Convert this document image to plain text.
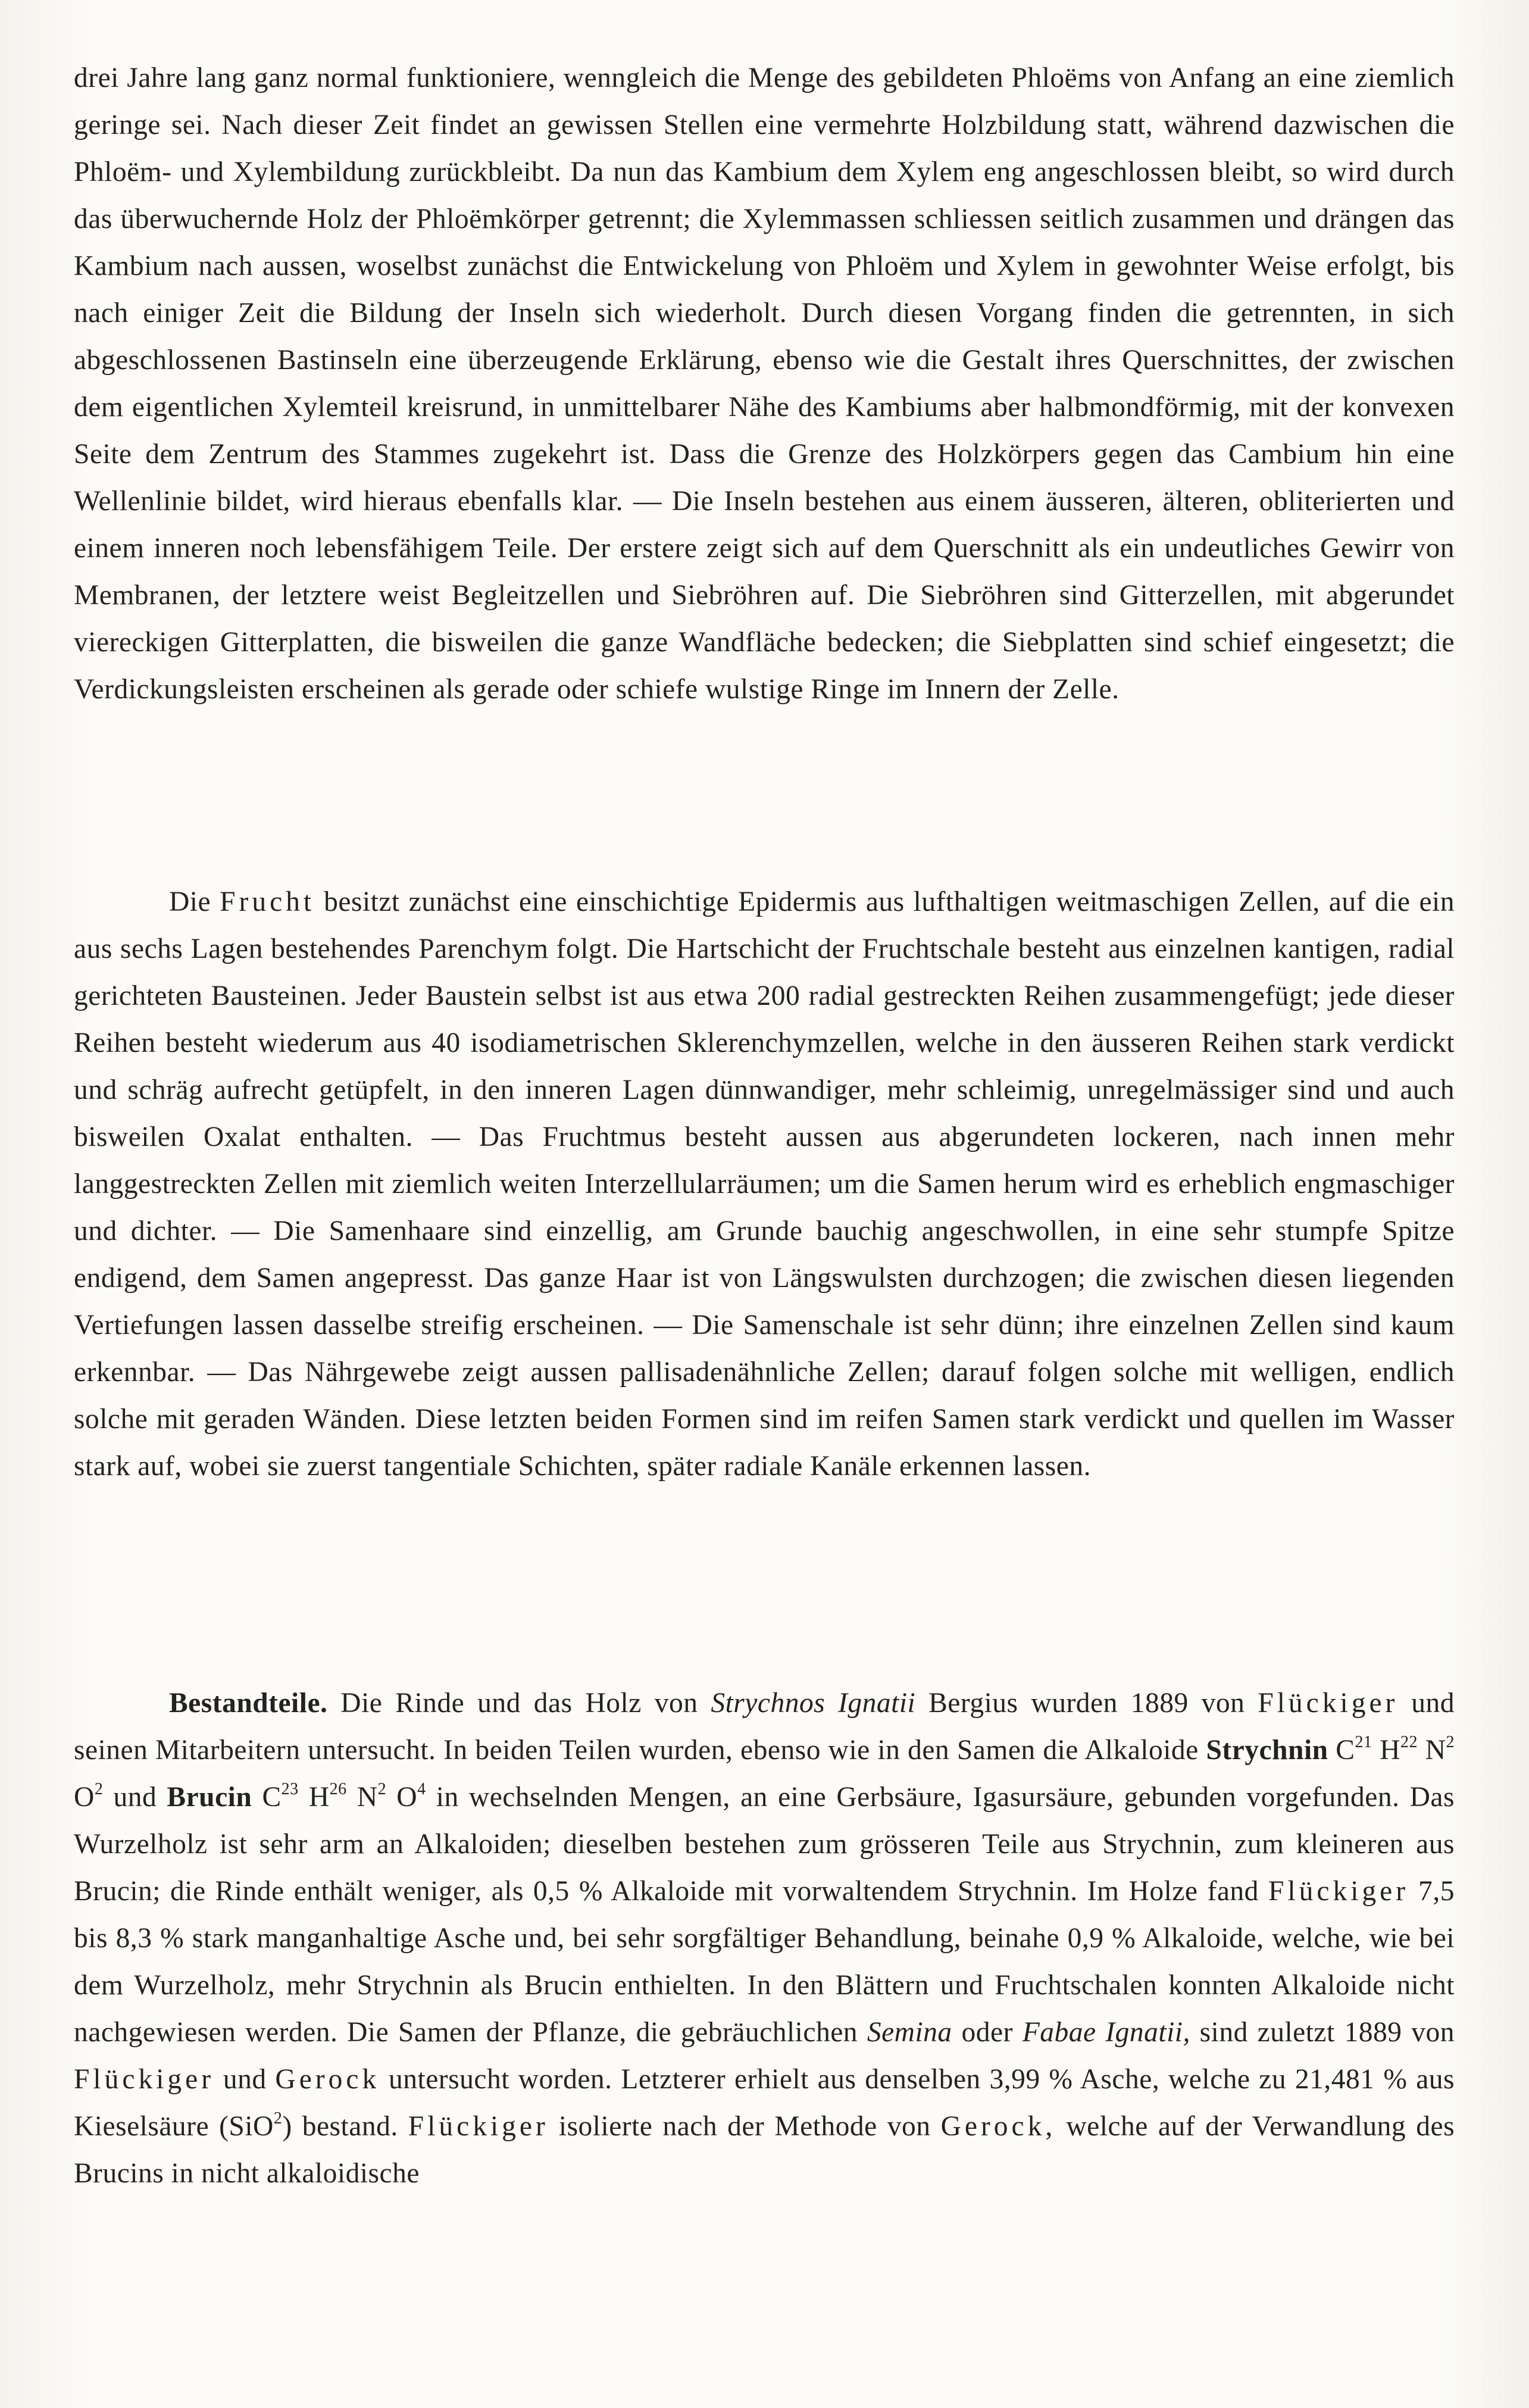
drei Jahre lang ganz normal funktioniere, wenngleich die Menge des gebildeten Phloëms von Anfang an eine ziemlich geringe sei. Nach dieser Zeit findet an gewissen Stellen eine vermehrte Holzbildung statt, während dazwischen die Phloëm- und Xylembildung zurückbleibt. Da nun das Kambium dem Xylem eng angeschlossen bleibt, so wird durch das überwuchernde Holz der Phloëmkörper getrennt; die Xylemmassen schliessen seitlich zusammen und drängen das Kambium nach aussen, woselbst zunächst die Entwickelung von Phloëm und Xylem in gewohnter Weise erfolgt, bis nach einiger Zeit die Bildung der Inseln sich wiederholt. Durch diesen Vorgang finden die getrennten, in sich abgeschlossenen Bastinseln eine überzeugende Erklärung, ebenso wie die Gestalt ihres Querschnittes, der zwischen dem eigentlichen Xylemteil kreisrund, in unmittelbarer Nähe des Kambiums aber halbmondförmig, mit der konvexen Seite dem Zentrum des Stammes zugekehrt ist. Dass die Grenze des Holzkörpers gegen das Cambium hin eine Wellenlinie bildet, wird hieraus ebenfalls klar. — Die Inseln bestehen aus einem äusseren, älteren, obliterierten und einem inneren noch lebensfähigem Teile. Der erstere zeigt sich auf dem Querschnitt als ein undeutliches Gewirr von Membranen, der letztere weist Begleitzellen und Siebröhren auf. Die Siebröhren sind Gitterzellen, mit abgerundet viereckigen Gitterplatten, die bisweilen die ganze Wandfläche bedecken; die Siebplatten sind schief eingesetzt; die Verdickungsleisten erscheinen als gerade oder schiefe wulstige Ringe im Innern der Zelle.

Die Frucht besitzt zunächst eine einschichtige Epidermis aus lufthaltigen weitmaschigen Zellen, auf die ein aus sechs Lagen bestehendes Parenchym folgt. Die Hartschicht der Fruchtschale besteht aus einzelnen kantigen, radial gerichteten Bausteinen. Jeder Baustein selbst ist aus etwa 200 radial gestreckten Reihen zusammengefügt; jede dieser Reihen besteht wiederum aus 40 isodiametrischen Sklerenchymzellen, welche in den äusseren Reihen stark verdickt und schräg aufrecht getüpfelt, in den inneren Lagen dünnwandiger, mehr schleimig, unregelmässiger sind und auch bisweilen Oxalat enthalten. — Das Fruchtmus besteht aussen aus abgerundeten lockeren, nach innen mehr langgestreckten Zellen mit ziemlich weiten Interzellularräumen; um die Samen herum wird es erheblich engmaschiger und dichter. — Die Samenhaare sind einzellig, am Grunde bauchig angeschwollen, in eine sehr stumpfe Spitze endigend, dem Samen angepresst. Das ganze Haar ist von Längswulsten durchzogen; die zwischen diesen liegenden Vertiefungen lassen dasselbe streifig erscheinen. — Die Samenschale ist sehr dünn; ihre einzelnen Zellen sind kaum erkennbar. — Das Nährgewebe zeigt aussen pallisadenähnliche Zellen; darauf folgen solche mit welligen, endlich solche mit geraden Wänden. Diese letzten beiden Formen sind im reifen Samen stark verdickt und quellen im Wasser stark auf, wobei sie zuerst tangentiale Schichten, später radiale Kanäle erkennen lassen.

Bestandteile. Die Rinde und das Holz von Strychnos Ignatii Bergius wurden 1889 von Flückiger und seinen Mitarbeitern untersucht. In beiden Teilen wurden, ebenso wie in den Samen die Alkaloide Strychnin $C^{21}$ $H^{22}$ $N^2$ $O^2$ und Brucin $C^{23}$ $H^{26}$ $N^2$ $O^4$ in wechselnden Mengen, an eine Gerbsäure, Igasursäure, gebunden vorgefunden. Das Wurzelholz ist sehr arm an Alkaloiden; dieselben bestehen zum grösseren Teile aus Strychnin, zum kleineren aus Brucin; die Rinde enthält weniger, als 0,5 % Alkaloide mit vorwaltendem Strychnin. Im Holze fand Flückiger 7,5 bis 8,3 % stark manganhaltige Asche und, bei sehr sorgfältiger Behandlung, beinahe 0,9 % Alkaloide, welche, wie bei dem Wurzelholz, mehr Strychnin als Brucin enthielten. In den Blättern und Fruchtschalen konnten Alkaloide nicht nachgewiesen werden. Die Samen der Pflanze, die gebräuchlichen Semina oder Fabae Ignatii, sind zuletzt 1889 von Flückiger und Gerock untersucht worden. Letzterer erhielt aus denselben 3,99 % Asche, welche zu 21,481 % aus Kieselsäure (SiO$^2$) bestand. Flückiger isolierte nach der Methode von Gerock, welche auf der Verwandlung des Brucins in nicht alkaloidische
